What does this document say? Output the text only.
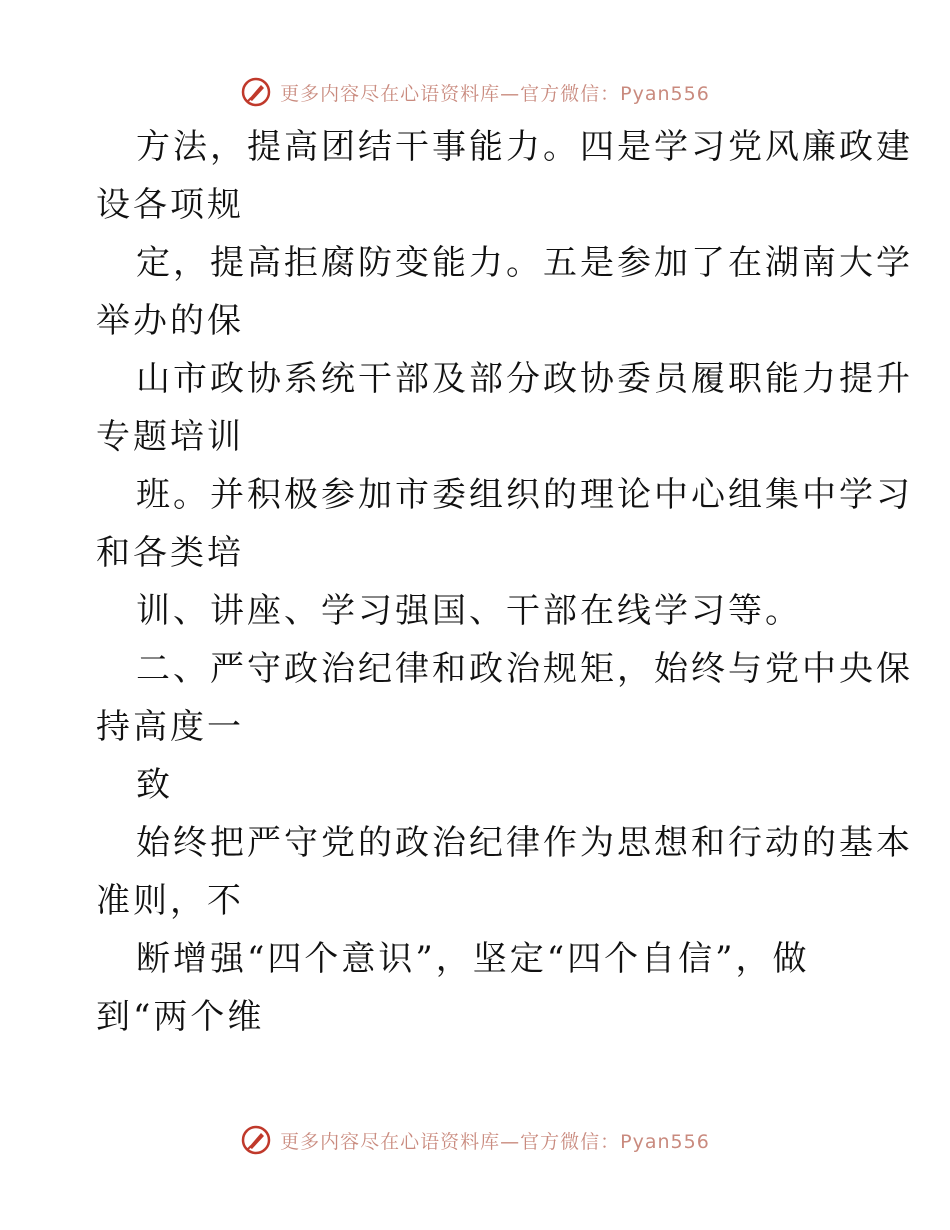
更多内容尽在心语资料库—官方微信：Pyan556
方法，提高团结干事能力。四是学习党风廉政建
设各项规
定，提高拒腐防变能力。五是参加了在湖南大学
举办的保
山市政协系统干部及部分政协委员履职能力提升
专题培训
班。并积极参加市委组织的理论中心组集中学习
和各类培
训、讲座、学习强国、干部在线学习等。
二、严守政治纪律和政治规矩，始终与党中央保
持高度一
致
始终把严守党的政治纪律作为思想和行动的基本
准则，不
断增强“四个意识”，坚定“四个自信”，做
到“两个维
更多内容尽在心语资料库—官方微信：Pyan556
